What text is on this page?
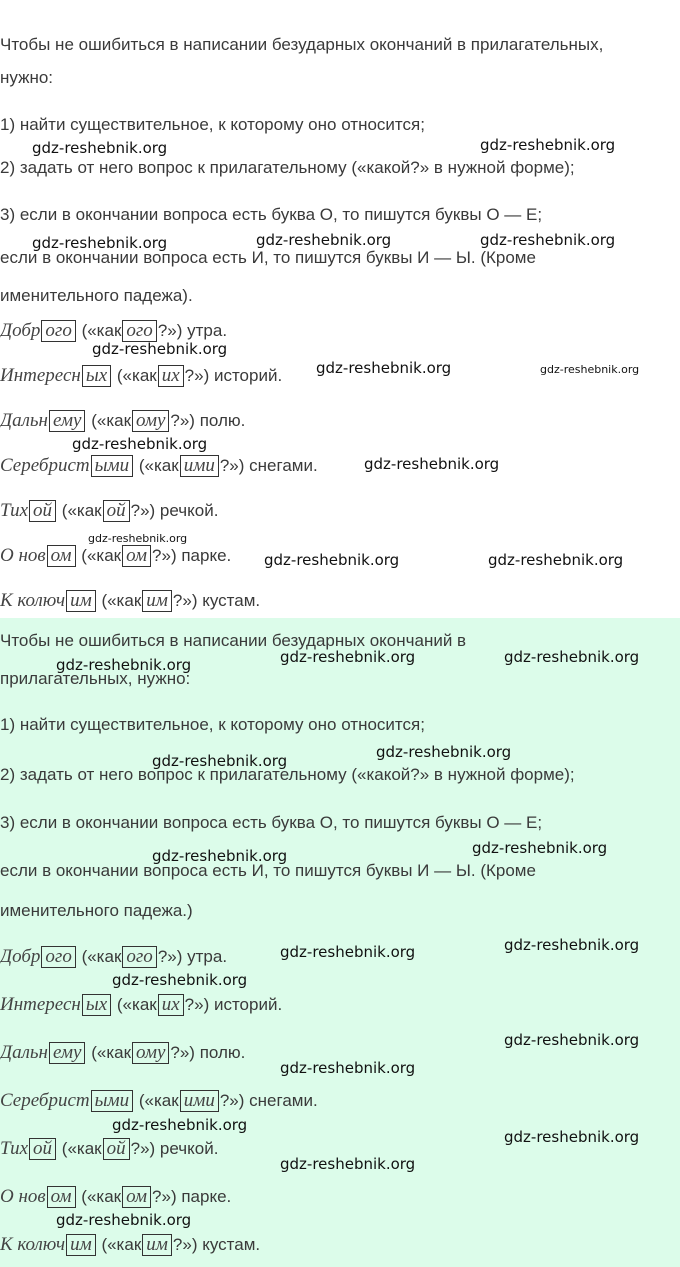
Чтобы не ошибиться в написании безударных окончаний в прилагательных,
нужно:
1) найти существительное, к которому оно относится;
2) задать от него вопрос к прилагательному («какой?» в нужной форме);
3) если в окончании вопроса есть буква О, то пишутся буквы О — Е;
если в окончании вопроса есть И, то пишутся буквы И — Ы. (Кроме
именительного падежа).
Добр ого («как ого ?») утра.
Интересн ых («как их ?») историй.
Дальн ему («как ому ?») полю.
Серебрист ыми («как ими ?») снегами.
Тих ой («как ой ?») речкой.
О нов ом («как ом ?») парке.
К колюч им («как им ?») кустам.
Чтобы не ошибиться в написании безударных окончаний в
прилагательных, нужно:
1) найти существительное, к которому оно относится;
2) задать от него вопрос к прилагательному («какой?» в нужной форме);
3) если в окончании вопроса есть буква О, то пишутся буквы О — Е;
если в окончании вопроса есть И, то пишутся буквы И — Ы. (Кроме
именительного падежа.)
Добр ого («как ого ?») утра.
Интересн ых («как их ?») историй.
Дальн ему («как ому ?») полю.
Серебрист ыми («как ими ?») снегами.
Тих ой («как ой ?») речкой.
О нов ом («как ом ?») парке.
К колюч им («как им ?») кустам.
gdz-reshebnik.org	gdz-reshebnik.org
gdz-reshebnik.org	gdz-reshebnik.org	gdz-reshebnik.org
gdz-reshebnik.org
gdz-reshebnik.org	gdz-reshebnik.org
gdz-reshebnik.org
gdz-reshebnik.org
gdz-reshebnik.org
gdz-reshebnik.org	gdz-reshebnik.org
gdz-reshebnik.org	gdz-reshebnik.org	gdz-reshebnik.org
gdz-reshebnik.org	gdz-reshebnik.org
gdz-reshebnik.org	gdz-reshebnik.org
gdz-reshebnik.org	gdz-reshebnik.org
gdz-reshebnik.org
gdz-reshebnik.org
gdz-reshebnik.org
gdz-reshebnik.org
gdz-reshebnik.org
gdz-reshebnik.org
gdz-reshebnik.org
